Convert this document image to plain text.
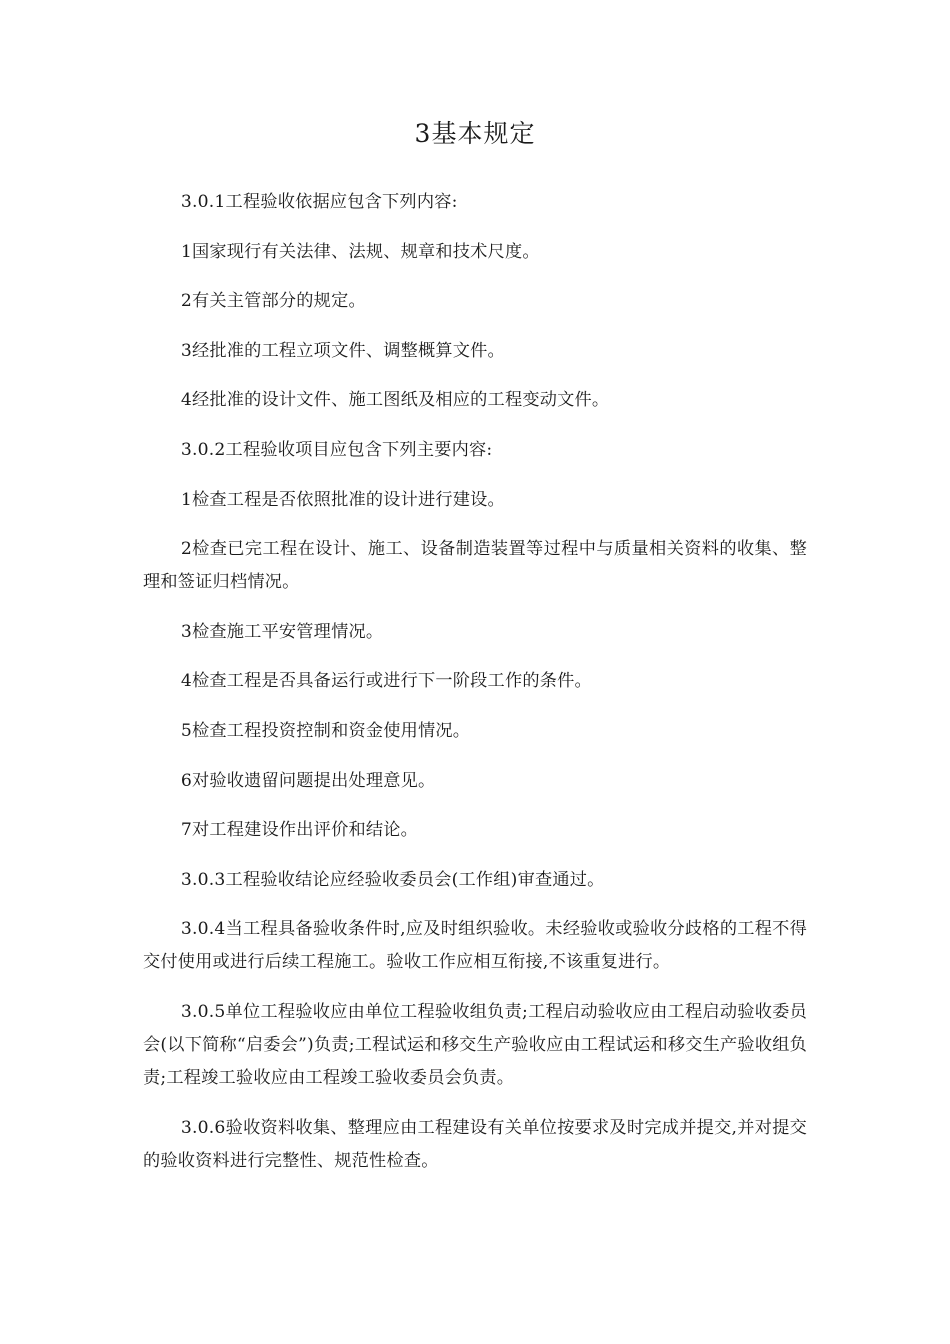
3基本规定

3.0.1工程验收依据应包含下列内容:

1国家现行有关法律、法规、规章和技术尺度。

2有关主管部分的规定。

3经批准的工程立项文件、调整概算文件。

4经批准的设计文件、施工图纸及相应的工程变动文件。

3.0.2工程验收项目应包含下列主要内容:

1检查工程是否依照批准的设计进行建设。

2检查已完工程在设计、施工、设备制造装置等过程中与质量相关资料的收集、整理和签证归档情况。

3检查施工平安管理情况。

4检查工程是否具备运行或进行下一阶段工作的条件。

5检查工程投资控制和资金使用情况。

6对验收遗留问题提出处理意见。

7对工程建设作出评价和结论。

3.0.3工程验收结论应经验收委员会(工作组)审查通过。

3.0.4当工程具备验收条件时,应及时组织验收。未经验收或验收分歧格的工程不得交付使用或进行后续工程施工。验收工作应相互衔接,不该重复进行。

3.0.5单位工程验收应由单位工程验收组负责;工程启动验收应由工程启动验收委员会(以下简称“启委会”)负责;工程试运和移交生产验收应由工程试运和移交生产验收组负责;工程竣工验收应由工程竣工验收委员会负责。

3.0.6验收资料收集、整理应由工程建设有关单位按要求及时完成并提交,并对提交的验收资料进行完整性、规范性检查。
